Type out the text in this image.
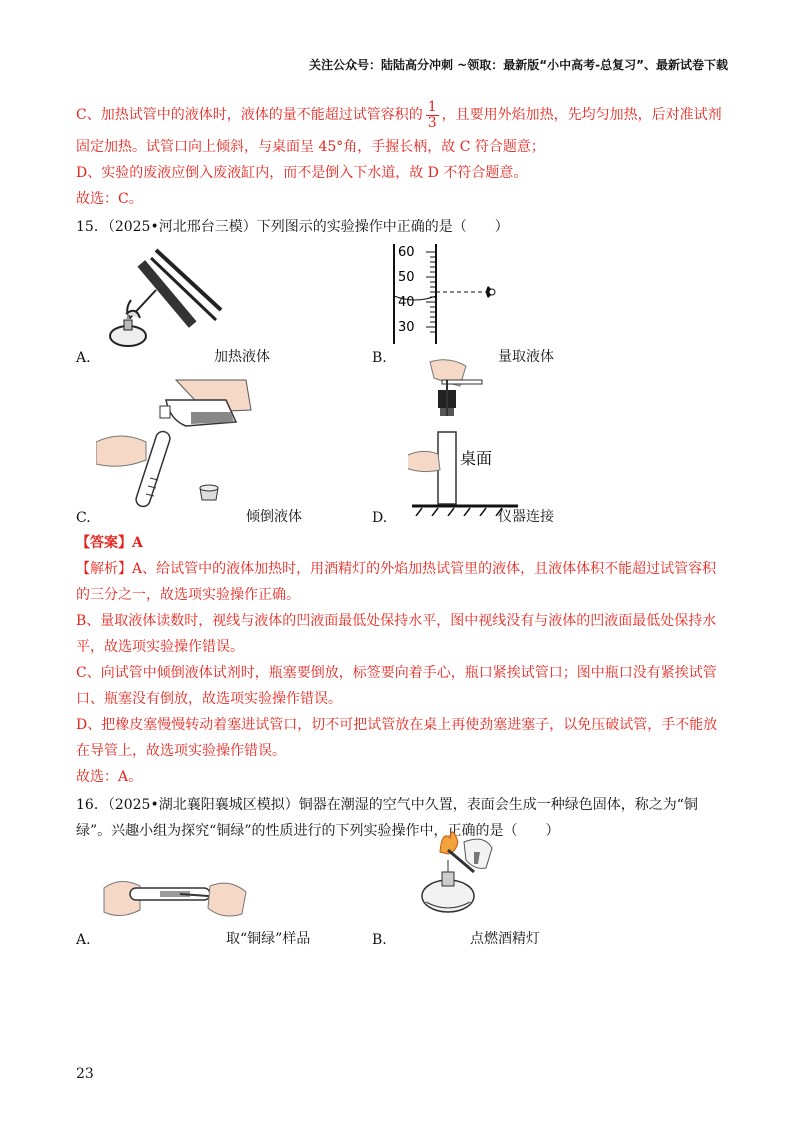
关注公众号：陆陆高分冲刺 ~领取：最新版“小中高考-总复习”、最新试卷下载
C、加热试管中的液体时，液体的量不能超过试管容积的 $\frac{1}{3}$ ，且要用外焰加热，先均匀加热，后对准试剂
固定加热。试管口向上倾斜，与桌面呈 45°角，手握长柄，故 C 符合题意；
D、实验的废液应倒入废液缸内，而不是倒入下水道，故 D 不符合题意。
故选：C。
15．（2025•河北邢台三模）下列图示的实验操作中正确的是（　　）
A.	加热液体
60
50
40
30
B.	量取液体
C.	倾倒液体
桌面
D.	仪器连接
【答案】A
【解析】A、给试管中的液体加热时，用酒精灯的外焰加热试管里的液体，且液体体积不能超过试管容积
的三分之一，故选项实验操作正确。
B、量取液体读数时，视线与液体的凹液面最低处保持水平，图中视线没有与液体的凹液面最低处保持水
平，故选项实验操作错误。
C、向试管中倾倒液体试剂时，瓶塞要倒放，标签要向着手心，瓶口紧挨试管口；图中瓶口没有紧挨试管
口、瓶塞没有倒放，故选项实验操作错误。
D、把橡皮塞慢慢转动着塞进试管口，切不可把试管放在桌上再使劲塞进塞子，以免压破试管，手不能放
在导管上，故选项实验操作错误。
故选：A。
16．（2025•湖北襄阳襄城区模拟）铜器在潮湿的空气中久置，表面会生成一种绿色固体，称之为“铜
绿”。兴趣小组为探究“铜绿”的性质进行的下列实验操作中，正确的是（　　）
A.	取“铜绿”样品	B.	点燃酒精灯
23
